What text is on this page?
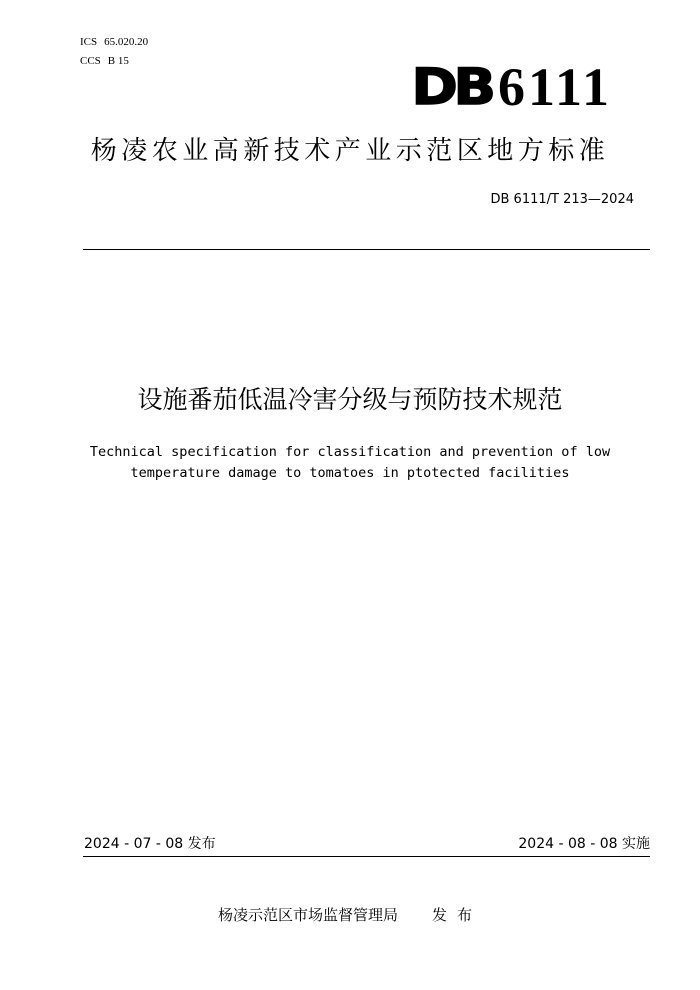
ICS 65.020.20
CCS B 15	DB 6111
杨凌农业高新技术产业示范区地方标准
DB 6111/T 213—2024
设施番茄低温冷害分级与预防技术规范
Technical specification for classification and prevention of low
temperature damage to tomatoes in ptotected facilities
2024 - 07 - 08 发布	2024 - 08 - 08 实施
杨凌示范区市场监督管理局 发布
